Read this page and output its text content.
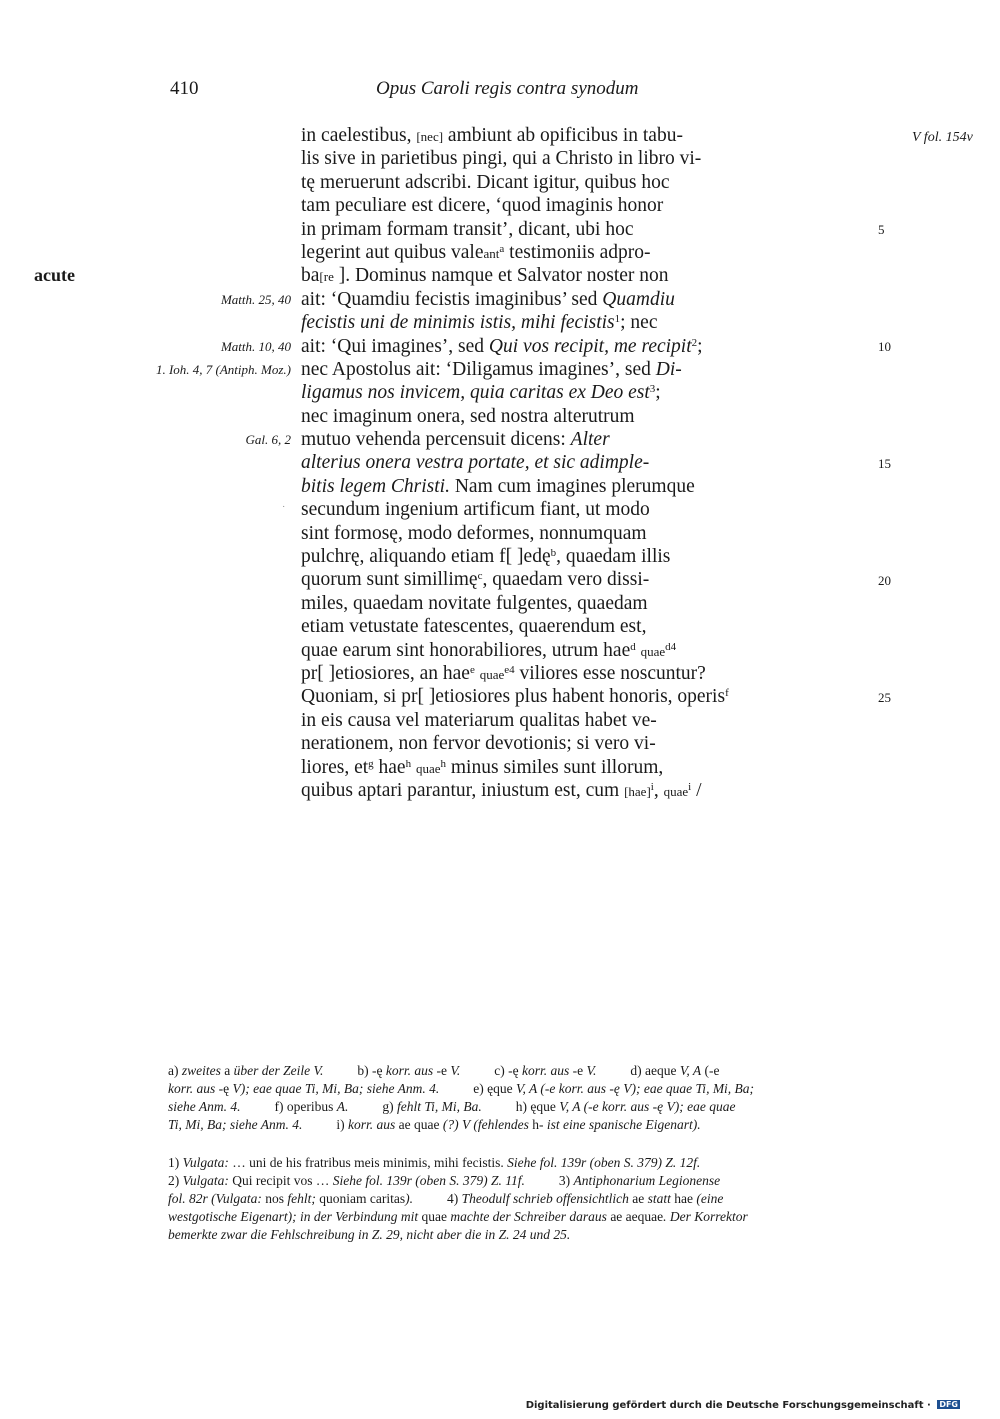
410	Opus Caroli regis contra synodum
V fol. 154v
acute
Matth. 25, 40
Matth. 10, 40
1. Ioh. 4, 7 (Antiph. Moz.)
Gal. 6, 2
in caelestibus, [nec] ambiunt ab opificibus in tabu-
lis sive in parietibus pingi, qui a Christo in libro vi-
tę meruerunt adscribi. Dicant igitur, quibus hoc
tam peculiare est dicere, ‘quod imaginis honor
in primam formam transit’, dicant, ubi hoc
legerint aut quibus valeant$^a$ testimoniis adpro-
ba[re ]. Dominus namque et Salvator noster non
ait: ‘Quamdiu fecistis imaginibus’ sed Quamdiu
fecistis uni de minimis istis, mihi fecistis$^1$; nec
ait: ‘Qui imagines’, sed Qui vos recipit, me recipit$^2$;
nec Apostolus ait: ‘Diligamus imagines’, sed Di-
ligamus nos invicem, quia caritas ex Deo est$^3$;
nec imaginum onera, sed nostra alterutrum
mutuo vehenda percensuit dicens: Alter
alterius onera vestra portate, et sic adimple-
bitis legem Christi. Nam cum imagines plerumque
secundum ingenium artificum fiant, ut modo
sint formosę, modo deformes, nonnumquam
pulchrę, aliquando etiam f[ ]edę$^b$, quaedam illis
quorum sunt simillimę$^c$, quaedam vero dissi-
miles, quaedam novitate fulgentes, quaedam
etiam vetustate fatescentes, quaerendum est,
quae earum sint honorabiliores, utrum hae$^d$ quae$^{d4}$
pr[ ]etiosiores, an hae$^e$ quae$^{e4}$ viliores esse noscuntur?
Quoniam, si pr[ ]etiosiores plus habent honoris, operis$^f$
in eis causa vel materiarum qualitas habet ve-
nerationem, non fervor devotionis; si vero vi-
liores, $et^g$ hae$^h$ quae$^h$ minus similes sunt illorum,
quibus aptari parantur, iniustum est, cum [hae]$^i$, quae$^i$ /
5
10
15
20
25
˙
a) zweites a über der Zeile V.	b) -ę korr. aus -e V.	c) -ę korr. aus -e V.	d) aeque V, A (-e
korr. aus -ę V); eae quae Ti, Mi, Ba; siehe Anm. 4.	e) ęque V, A (-e korr. aus -ę V); eae quae Ti, Mi, Ba;
siehe Anm. 4.	f) operibus A.	g) fehlt Ti, Mi, Ba.	h) ęque V, A (-e korr. aus -ę V); eae quae
Ti, Mi, Ba; siehe Anm. 4.	i) korr. aus ae quae (?) V (fehlendes h- ist eine spanische Eigenart).
1) Vulgata: … uni de his fratribus meis minimis, mihi fecistis. Siehe fol. 139r (oben S. 379) Z. 12f.
2) Vulgata: Qui recipit vos … Siehe fol. 139r (oben S. 379) Z. 11f.	3) Antiphonarium Legionense
fol. 82r (Vulgata: nos fehlt; quoniam caritas).	4) Theodulf schrieb offensichtlich ae statt hae (eine
westgotische Eigenart); in der Verbindung mit quae machte der Schreiber daraus ae aequae. Der Korrektor
bemerkte zwar die Fehlschreibung in Z. 29, nicht aber die in Z. 24 und 25.
Digitalisierung gefördert durch die Deutsche Forschungsgemeinschaft · DFG
